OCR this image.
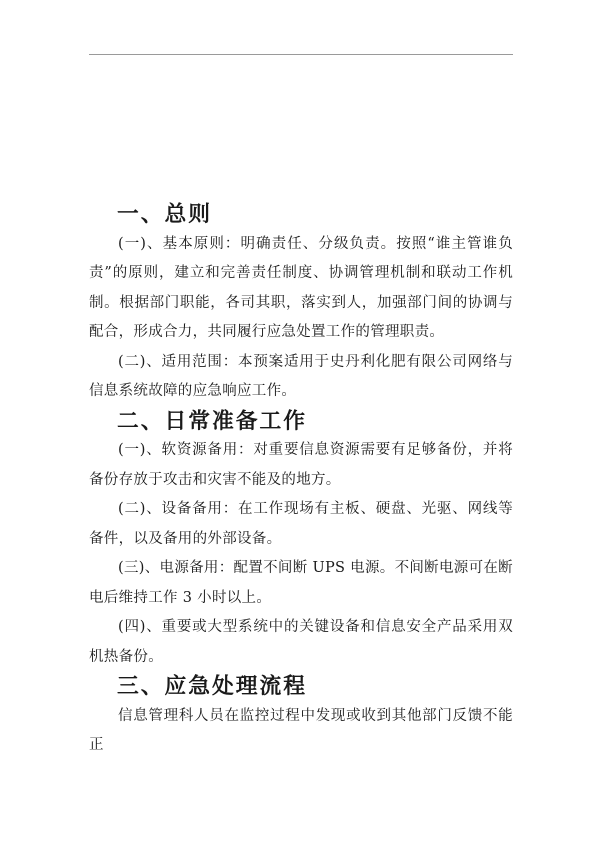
一、总则

(一)、基本原则：明确责任、分级负责。按照“谁主管谁负责”的原则，建立和完善责任制度、协调管理机制和联动工作机制。根据部门职能，各司其职，落实到人，加强部门间的协调与配合，形成合力，共同履行应急处置工作的管理职责。

(二)、适用范围：本预案适用于史丹利化肥有限公司网络与信息系统故障的应急响应工作。

二、日常准备工作

(一)、软资源备用：对重要信息资源需要有足够备份，并将备份存放于攻击和灾害不能及的地方。

(二)、设备备用：在工作现场有主板、硬盘、光驱、网线等备件，以及备用的外部设备。

(三)、电源备用：配置不间断 UPS 电源。不间断电源可在断电后维持工作 3 小时以上。

(四)、重要或大型系统中的关键设备和信息安全产品采用双机热备份。

三、应急处理流程

信息管理科人员在监控过程中发现或收到其他部门反馈不能正
